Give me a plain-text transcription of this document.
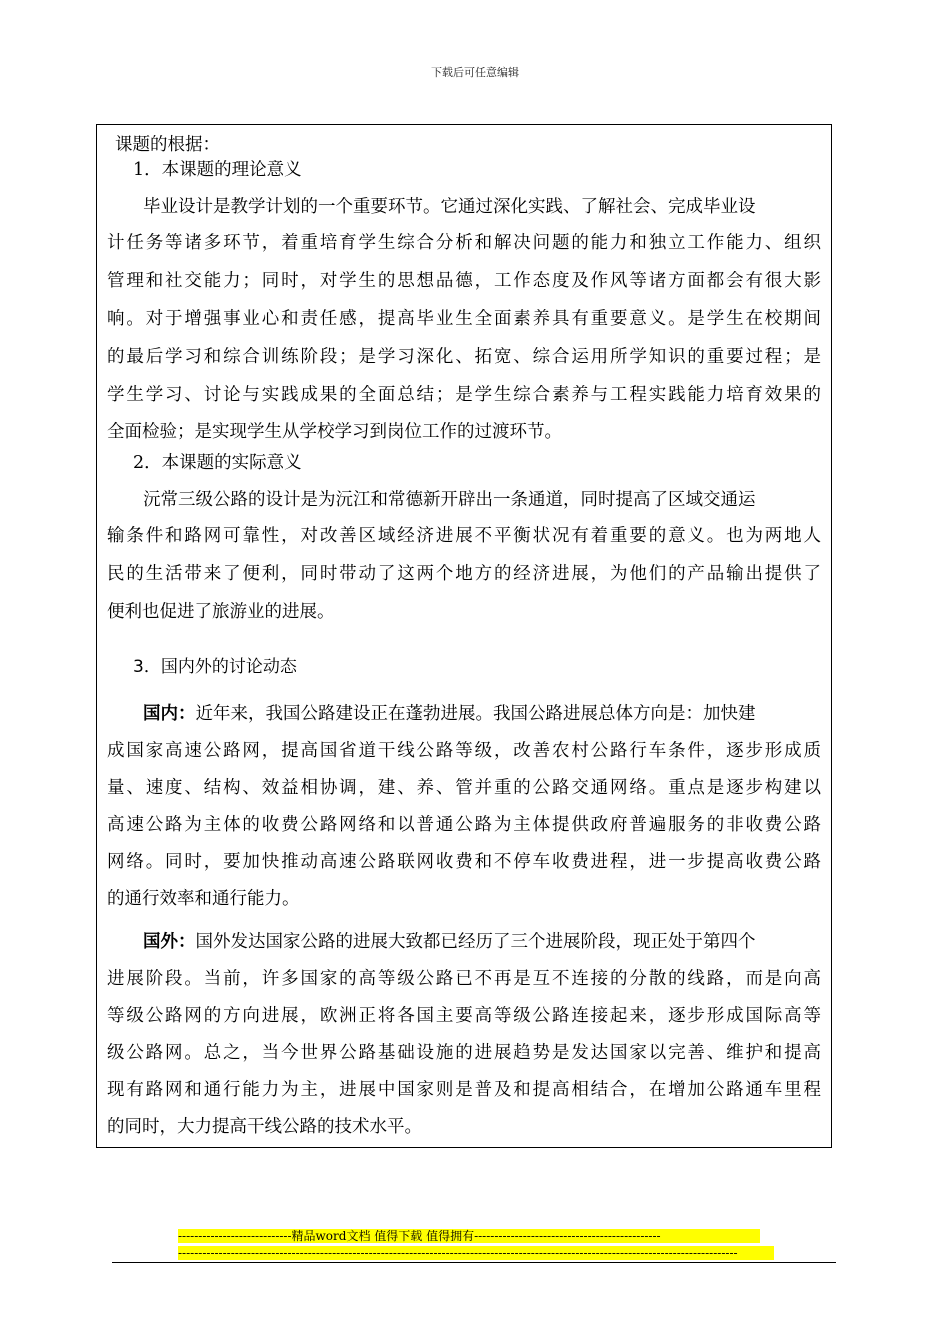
下载后可任意编辑
课题的根据：
1．本课题的理论意义
毕业设计是教学计划的一个重要环节。它通过深化实践、了解社会、完成毕业设
计任务等诸多环节，着重培育学生综合分析和解决问题的能力和独立工作能力、组织
管理和社交能力；同时，对学生的思想品德，工作态度及作风等诸方面都会有很大影
响。对于增强事业心和责任感，提高毕业生全面素养具有重要意义。是学生在校期间
的最后学习和综合训练阶段；是学习深化、拓宽、综合运用所学知识的重要过程；是
学生学习、讨论与实践成果的全面总结；是学生综合素养与工程实践能力培育效果的
全面检验；是实现学生从学校学习到岗位工作的过渡环节。
2．本课题的实际意义
沅常三级公路的设计是为沅江和常德新开辟出一条通道，同时提高了区域交通运
输条件和路网可靠性，对改善区域经济进展不平衡状况有着重要的意义。也为两地人
民的生活带来了便利，同时带动了这两个地方的经济进展，为他们的产品输出提供了
便利也促进了旅游业的进展。
3．国内外的讨论动态
国内：近年来，我国公路建设正在蓬勃进展。我国公路进展总体方向是：加快建
成国家高速公路网，提高国省道干线公路等级，改善农村公路行车条件，逐步形成质
量、速度、结构、效益相协调，建、养、管并重的公路交通网络。重点是逐步构建以
高速公路为主体的收费公路网络和以普通公路为主体提供政府普遍服务的非收费公路
网络。同时，要加快推动高速公路联网收费和不停车收费进程，进一步提高收费公路
的通行效率和通行能力。
国外：国外发达国家公路的进展大致都已经历了三个进展阶段，现正处于第四个
进展阶段。当前，许多国家的高等级公路已不再是互不连接的分散的线路，而是向高
等级公路网的方向进展，欧洲正将各国主要高等级公路连接起来，逐步形成国际高等
级公路网。总之，当今世界公路基础设施的进展趋势是发达国家以完善、维护和提高
现有路网和通行能力为主，进展中国家则是普及和提高相结合，在增加公路通车里程
的同时，大力提高干线公路的技术水平。
----------------------------精品word文档 值得下载 值得拥有----------------------------------------------
------------------------------------------------------------------------------------------------------------------------------------------
